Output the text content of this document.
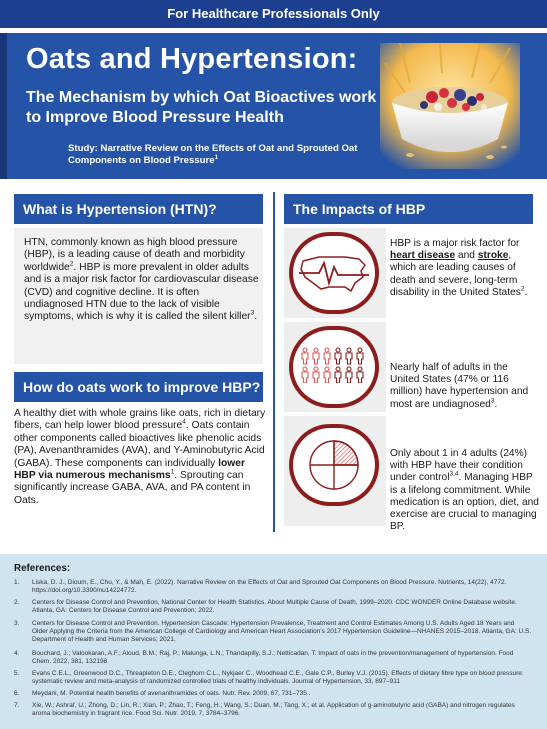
For Healthcare Professionals Only
Oats and Hypertension:
The Mechanism by which Oat Bioactives work to Improve Blood Pressure Health
Study: Narrative Review on the Effects of Oat and Sprouted Oat Components on Blood Pressure$^1$
What is Hypertension (HTN)?
HTN, commonly known as high blood pressure (HBP), is a leading cause of death and morbidity worldwide$^2$. HBP is more prevalent in older adults and is a major risk factor for cardiovascular disease (CVD) and cognitive decline. It is often undiagnosed HTN due to the lack of visible symptoms, which is why it is called the silent killer$^3$.
How do oats work to improve HBP?
A healthy diet with whole grains like oats, rich in dietary fibers, can help lower blood pressure$^4$. Oats contain other components called bioactives like phenolic acids (PA), Avenanthramides (AVA), and Υ-Aminobutyric Acid (GABA). These components can individually lower HBP via numerous mechanisms$^1$. Sprouting can significantly increase GABA, AVA, and PA content in Oats.
The Impacts of HBP
HBP is a major risk factor for heart disease and stroke, which are leading causes of death and severe, long-term disability in the United States$^2$.
Nearly half of adults in the United States (47% or 116 million) have hypertension and most are undiagnosed$^3$.
Only about 1 in 4 adults (24%) with HBP have their condition under control$^{3,4}$. Managing HBP is a lifelong commitment. While medication is an option, diet, and exercise are crucial to managing BP.
References:
1.	Liska, D. J., Dioum, E., Chu, Y., & Mah, E. (2022). Narrative Review on the Effects of Oat and Sprouted Oat Components on Blood Pressure. Nutrients, 14(22), 4772. https://doi.org/10.3390/nu14224772.
2.	Centers for Disease Control and Prevention, National Center for Health Statistics. About Multiple Cause of Death, 1999–2020. CDC WONDER Online Database website. Atlanta, GA: Centers for Disease Control and Prevention; 2022.
3.	Centers for Disease Control and Prevention. Hypertension Cascade: Hypertension Prevalence, Treatment and Control Estimates Among U.S. Adults Aged 18 Years and Older Applying the Criteria from the American College of Cardiology and American Heart Association’s 2017 Hypertension Guideline—NHANES 2015–2018. Atlanta, GA: U.S. Department of Health and Human Services; 2021.
4.	Bouchard, J.; Valookaran, A.F.; Aloud, B.M.; Raj, P.; Malunga, L.N.; Thandapilly, S.J.; Netticadan, T. Impact of oats in the prevention/management of hypertension. Food Chem. 2022, 381, 132198
5.	Evans C.E.L., Greenwood D.C., Threapleton D.E., Cleghorn C.L., Nykjaer C., Woodhead C.E., Gale C.P., Burley V.J. (2015). Effects of dietary fibre type on blood pressure: systematic review and meta-analysis of randomized controlled trials of healthy individuals. Journal of Hypertension, 33, 897–911
6.	Meydani, M. Potential health benefits of avenanthramides of oats. Nutr. Rev. 2009, 67, 731–735..
7.	Xie, W.; Ashraf, U.; Zhong, D.; Lin, R.; Xian, P.; Zhao, T.; Feng, H.; Wang, S.; Duan, M.; Tang, X.; et al. Application of g-aminobutyric acid (GABA) and nitrogen regulates aroma biochemistry in fragrant rice. Food Sci. Nutr. 2019, 7, 3784–3796.
